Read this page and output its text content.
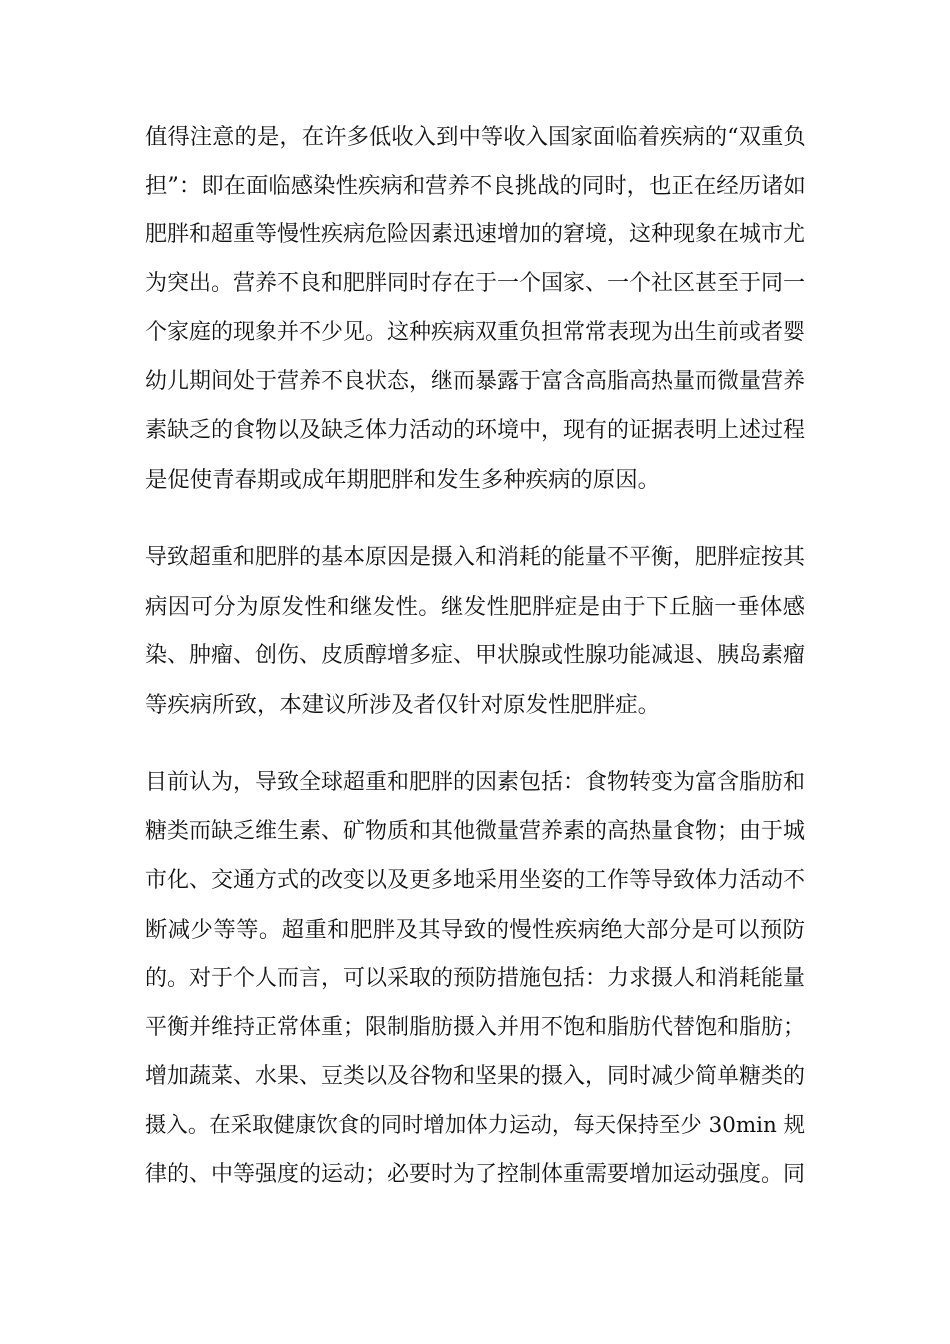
值得注意的是，在许多低收入到中等收入国家面临着疾病的“双重负
担”：即在面临感染性疾病和营养不良挑战的同时，也正在经历诸如
肥胖和超重等慢性疾病危险因素迅速增加的窘境，这种现象在城市尤
为突出。营养不良和肥胖同时存在于一个国家、一个社区甚至于同一
个家庭的现象并不少见。这种疾病双重负担常常表现为出生前或者婴
幼儿期间处于营养不良状态，继而暴露于富含高脂高热量而微量营养
素缺乏的食物以及缺乏体力活动的环境中，现有的证据表明上述过程
是促使青春期或成年期肥胖和发生多种疾病的原因。
导致超重和肥胖的基本原因是摄入和消耗的能量不平衡，肥胖症按其
病因可分为原发性和继发性。继发性肥胖症是由于下丘脑一垂体感
染、肿瘤、创伤、皮质醇增多症、甲状腺或性腺功能减退、胰岛素瘤
等疾病所致，本建议所涉及者仅针对原发性肥胖症。
目前认为，导致全球超重和肥胖的因素包括：食物转变为富含脂肪和
糖类而缺乏维生素、矿物质和其他微量营养素的高热量食物；由于城
市化、交通方式的改变以及更多地采用坐姿的工作等导致体力活动不
断减少等等。超重和肥胖及其导致的慢性疾病绝大部分是可以预防
的。对于个人而言，可以采取的预防措施包括：力求摄人和消耗能量
平衡并维持正常体重；限制脂肪摄入并用不饱和脂肪代替饱和脂肪；
增加蔬菜、水果、豆类以及谷物和坚果的摄入，同时减少简单糖类的
摄入。在采取健康饮食的同时增加体力运动，每天保持至少 30min 规
律的、中等强度的运动；必要时为了控制体重需要增加运动强度。同
